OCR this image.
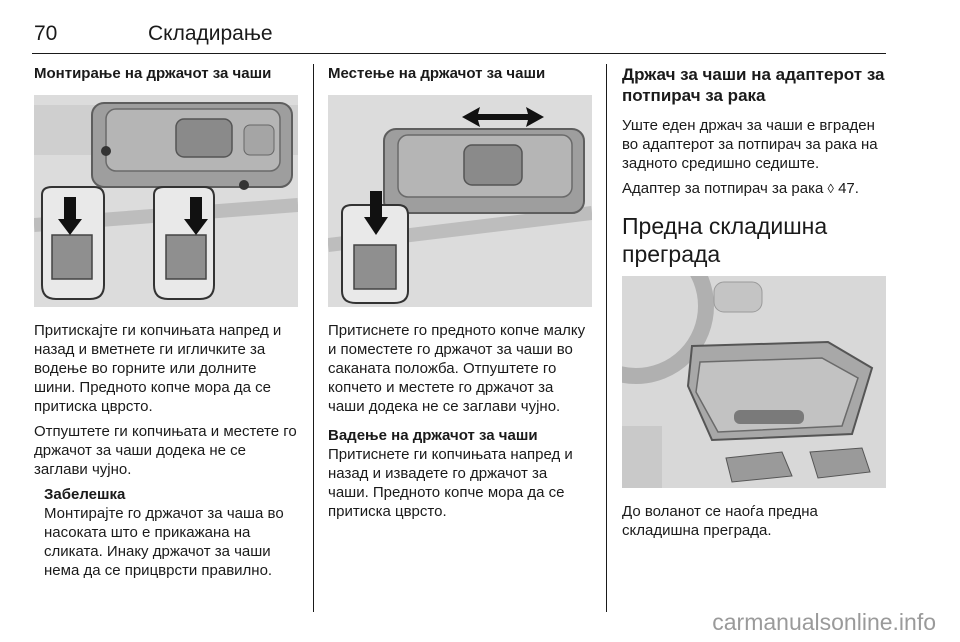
70	Складирање
Монтирање на држачот за чаши

Притискајте ги копчињата напред и назад и вметнете ги игличките за водење во горните или долните шини. Предното копче мора да се притиска цврсто.

Отпуштете ги копчињата и местете го држачот за чаши додека не се заглави чујно.

Забелешка

Монтирајте го држачот за чаша во насоката што е прикажана на сликата. Инаку држачот за чаши нема да се прицврсти правилно.

Местење на држачот за чаши

Притиснете го предното копче малку и поместете го држачот за чаши во саканата положба. Отпуштете го копчето и местете го држачот за чаши додека не се заглави чујно.

Вадење на држачот за чаши

Притиснете ги копчињата напред и назад и извадете го држачот за чаши. Предното копче мора да се притиска цврсто.

Држач за чаши на адаптерот за потпирач за рака

Уште еден држач за чаши е вграден во адаптерот за потпирач за рака на задното средишно седиште.

Адаптер за потпирач за рака ◊ 47.

Предна складишна преграда

До воланот се наоѓа предна складишна преграда.

carmanualsonline.info
